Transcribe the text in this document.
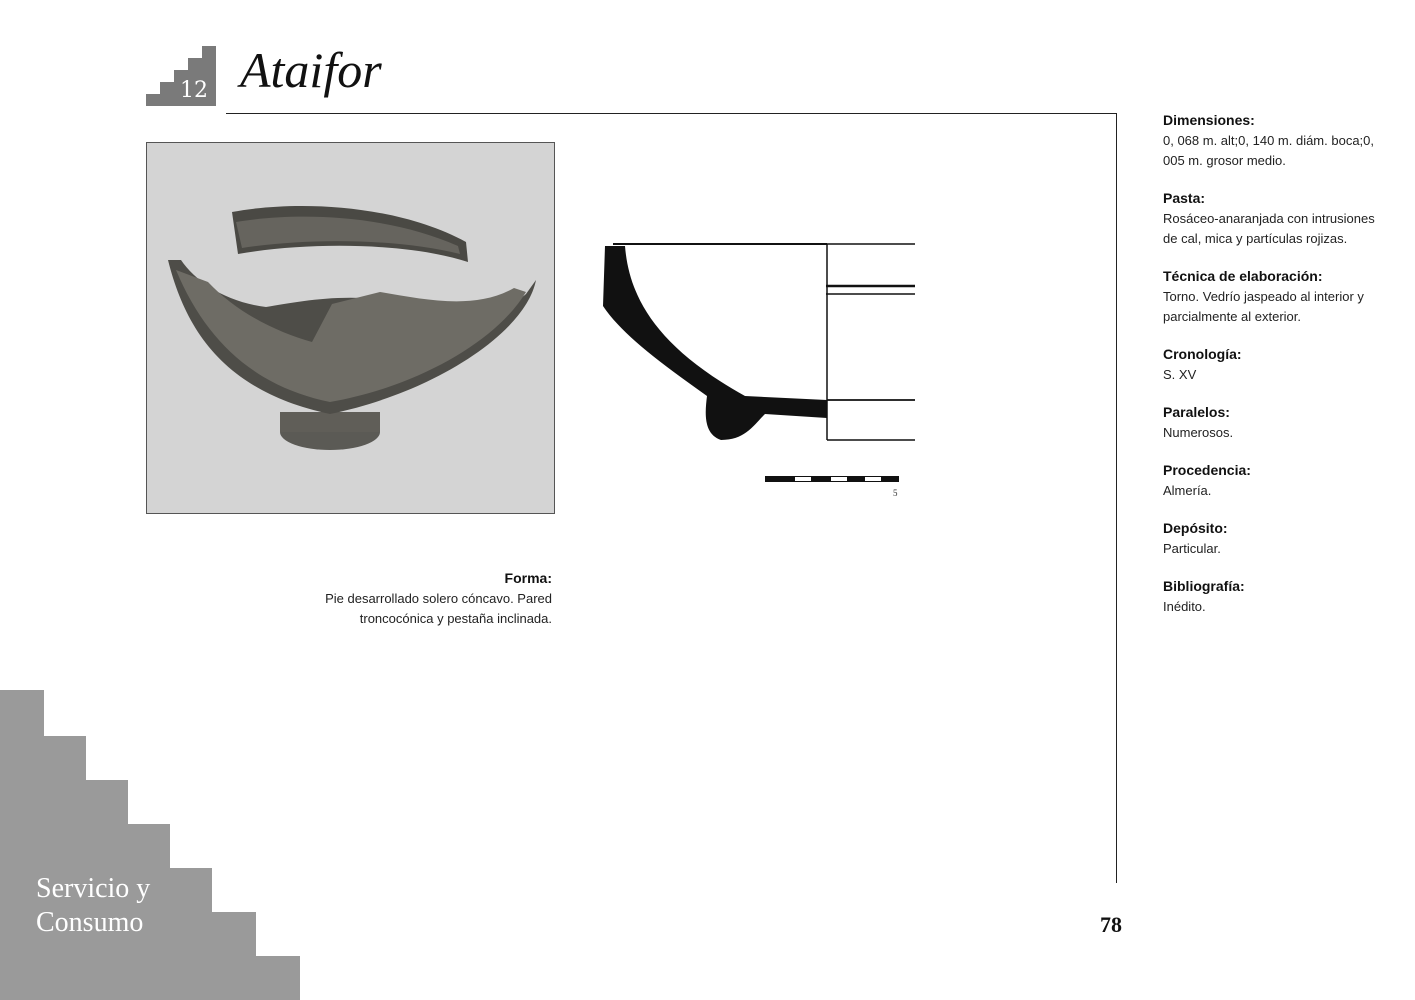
12 Ataifor
5

Forma:

Pie desarrollado solero cóncavo. Pared troncocónica y pestaña inclinada.

Dimensiones:

0, 068 m. alt;0, 140 m. diám. boca;0, 005 m. grosor medio.

Pasta:

Rosáceo-anaranjada con intrusiones de cal, mica y partículas rojizas.

Técnica de elaboración:

Torno. Vedrío jaspeado al interior y parcialmente al exterior.

Cronología:

S. XV

Paralelos:

Numerosos.

Procedencia:

Almería.

Depósito:

Particular.

Bibliografía:

Inédito.

Servicio y
Consumo	78
